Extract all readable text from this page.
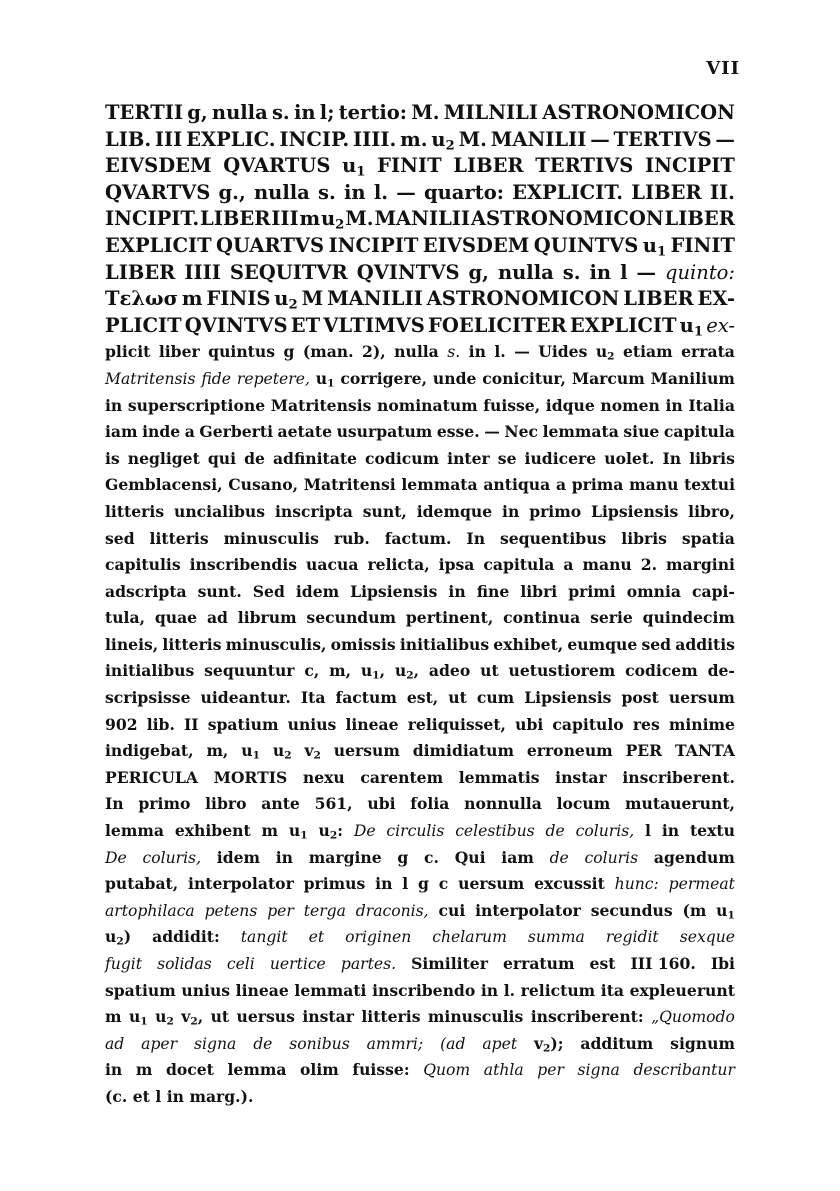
VII
TERTII g, nulla s. in l; tertio: M. MILNILI ASTRONOMICON
LIB. III EXPLIC. INCIP. IIII. m. $u_2$ M. MANILII — TERTIVS —
EIVSDEM QVARTUS $u_1$ FINIT LIBER TERTIVS INCIPIT
QVARTVS g., nulla s. in l. — quarto: EXPLICIT. LIBER II.
INCIPIT. LIBER III m $u_2$ M. MANILII ASTRONOMICON LIBER
EXPLICIT QUARTVS INCIPIT EIVSDEM QUINTVS $u_1$ FINIT
LIBER IIII SEQUITVR QVINTVS g, nulla s. in l — quinto:
Τελωσ m FINIS $u_2$ M MANILII ASTRONOMICON LIBER EX-
PLICIT QVINTVS ET VLTIMVS FOELICITER EXPLICIT $u_1$ ex-
plicit liber quintus g (man. 2), nulla s. in l. — Uides $u_2$ etiam errata
Matritensis fide repetere, $u_1$ corrigere, unde conicitur, Marcum Manilium
in superscriptione Matritensis nominatum fuisse, idque nomen in Italia
iam inde a Gerberti aetate usurpatum esse. — Nec lemmata siue capitula
is negliget qui de adfinitate codicum inter se iudicere uolet. In libris
Gemblacensi, Cusano, Matritensi lemmata antiqua a prima manu textui
litteris uncialibus inscripta sunt, idemque in primo Lipsiensis libro,
sed litteris minusculis rub. factum. In sequentibus libris spatia
capitulis inscribendis uacua relicta, ipsa capitula a manu 2. margini
adscripta sunt. Sed idem Lipsiensis in fine libri primi omnia capi-
tula, quae ad librum secundum pertinent, continua serie quindecim
lineis, litteris minusculis, omissis initialibus exhibet, eumque sed additis
initialibus sequuntur c, m, $u_1$, $u_2$, adeo ut uetustiorem codicem de-
scripsisse uideantur. Ita factum est, ut cum Lipsiensis post uersum
902 lib. II spatium unius lineae reliquisset, ubi capitulo res minime
indigebat, m, $u_1$ $u_2$ $v_2$ uersum dimidiatum erroneum PER TANTA
PERICULA MORTIS nexu carentem lemmatis instar inscriberent.
In primo libro ante 561, ubi folia nonnulla locum mutauerunt,
lemma exhibent m $u_1$ $u_2$: De circulis celestibus de coluris, l in textu
De coluris, idem in margine g c. Qui iam de coluris agendum
putabat, interpolator primus in l g c uersum excussit hunc: permeat
artophilaca petens per terga draconis, cui interpolator secundus (m $u_1$
$u_2$) addidit: tangit et originen chelarum summa regidit sexque
fugit solidas celi uertice partes. Similiter erratum est III 160. Ibi
spatium unius lineae lemmati inscribendo in l. relictum ita expleuerunt
m $u_1$ $u_2$ $v_2$, ut uersus instar litteris minusculis inscriberent: „Quomodo
ad aper signa de sonibus ammri; (ad apet $v_2$); additum signum
in m docet lemma olim fuisse: Quom athla per signa describantur
(c. et l in marg.).
